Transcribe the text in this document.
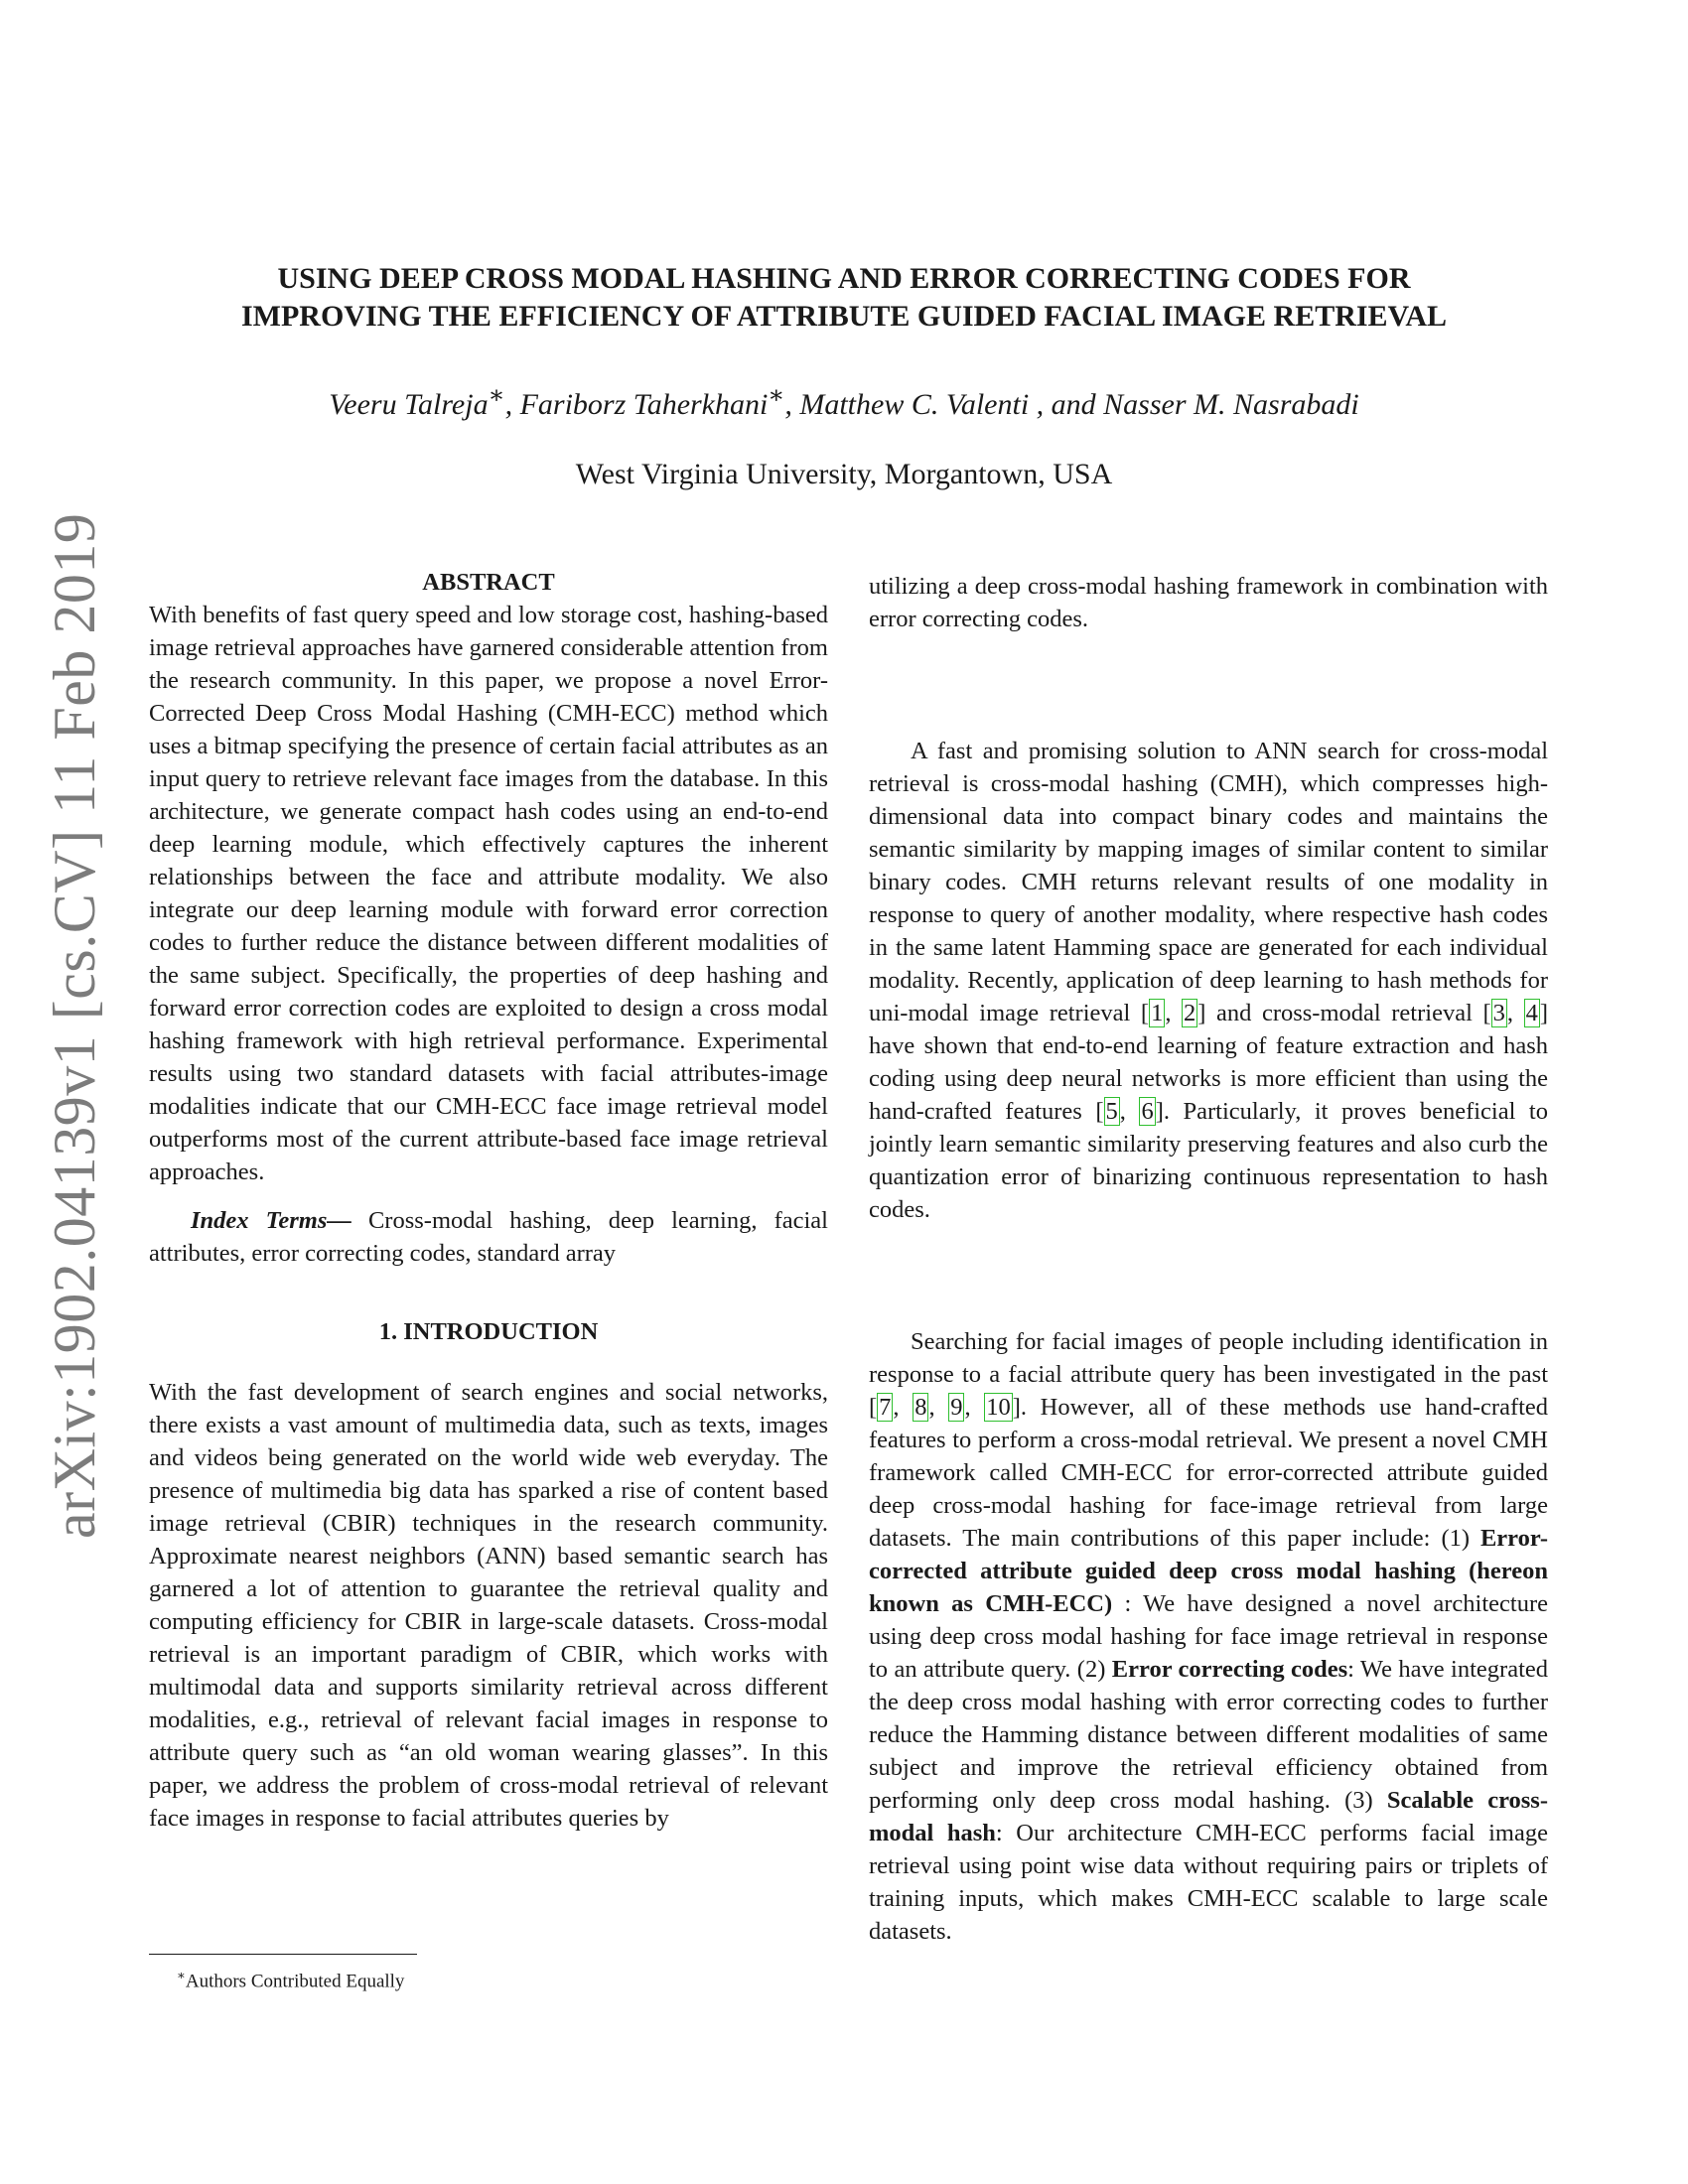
arXiv:1902.04139v1 [cs.CV] 11 Feb 2019
USING DEEP CROSS MODAL HASHING AND ERROR CORRECTING CODES FOR
IMPROVING THE EFFICIENCY OF ATTRIBUTE GUIDED FACIAL IMAGE RETRIEVAL
Veeru Talreja∗, Fariborz Taherkhani∗, Matthew C. Valenti , and Nasser M. Nasrabadi
West Virginia University, Morgantown, USA
ABSTRACT

With benefits of fast query speed and low storage cost, hashing-based image retrieval approaches have garnered considerable attention from the research community. In this paper, we propose a novel Error-Corrected Deep Cross Modal Hashing (CMH-ECC) method which uses a bitmap specifying the presence of certain facial attributes as an input query to retrieve relevant face images from the database. In this architecture, we generate compact hash codes using an end-to-end deep learning module, which effectively captures the inherent relationships between the face and attribute modality. We also integrate our deep learning module with forward error correction codes to further reduce the distance between different modalities of the same subject. Specifically, the properties of deep hashing and forward error correction codes are exploited to design a cross modal hashing framework with high retrieval performance. Experimental results using two standard datasets with facial attributes-image modalities indicate that our CMH-ECC face image retrieval model outperforms most of the current attribute-based face image retrieval approaches.

Index Terms— Cross-modal hashing, deep learning, facial attributes, error correcting codes, standard array

1. INTRODUCTION

With the fast development of search engines and social networks, there exists a vast amount of multimedia data, such as texts, images and videos being generated on the world wide web everyday. The presence of multimedia big data has sparked a rise of content based image retrieval (CBIR) techniques in the research community. Approximate nearest neighbors (ANN) based semantic search has garnered a lot of attention to guarantee the retrieval quality and computing efficiency for CBIR in large-scale datasets. Cross-modal retrieval is an important paradigm of CBIR, which works with multimodal data and supports similarity retrieval across different modalities, e.g., retrieval of relevant facial images in response to attribute query such as “an old woman wearing glasses”. In this paper, we address the problem of cross-modal retrieval of relevant face images in response to facial attributes queries by

utilizing a deep cross-modal hashing framework in combination with error correcting codes.

A fast and promising solution to ANN search for cross-modal retrieval is cross-modal hashing (CMH), which compresses high-dimensional data into compact binary codes and maintains the semantic similarity by mapping images of similar content to similar binary codes. CMH returns relevant results of one modality in response to query of another modality, where respective hash codes in the same latent Hamming space are generated for each individual modality. Recently, application of deep learning to hash methods for uni-modal image retrieval [1, 2] and cross-modal retrieval [3, 4] have shown that end-to-end learning of feature extraction and hash coding using deep neural networks is more efficient than using the hand-crafted features [5, 6]. Particularly, it proves beneficial to jointly learn semantic similarity preserving features and also curb the quantization error of binarizing continuous representation to hash codes.

Searching for facial images of people including identification in response to a facial attribute query has been investigated in the past [7, 8, 9, 10]. However, all of these methods use hand-crafted features to perform a cross-modal retrieval. We present a novel CMH framework called CMH-ECC for error-corrected attribute guided deep cross-modal hashing for face-image retrieval from large datasets. The main contributions of this paper include: (1) Error-corrected attribute guided deep cross modal hashing (hereon known as CMH-ECC) : We have designed a novel architecture using deep cross modal hashing for face image retrieval in response to an attribute query. (2) Error correcting codes: We have integrated the deep cross modal hashing with error correcting codes to further reduce the Hamming distance between different modalities of same subject and improve the retrieval efficiency obtained from performing only deep cross modal hashing. (3) Scalable cross-modal hash: Our architecture CMH-ECC performs facial image retrieval using point wise data without requiring pairs or triplets of training inputs, which makes CMH-ECC scalable to large scale datasets.

∗Authors Contributed Equally
